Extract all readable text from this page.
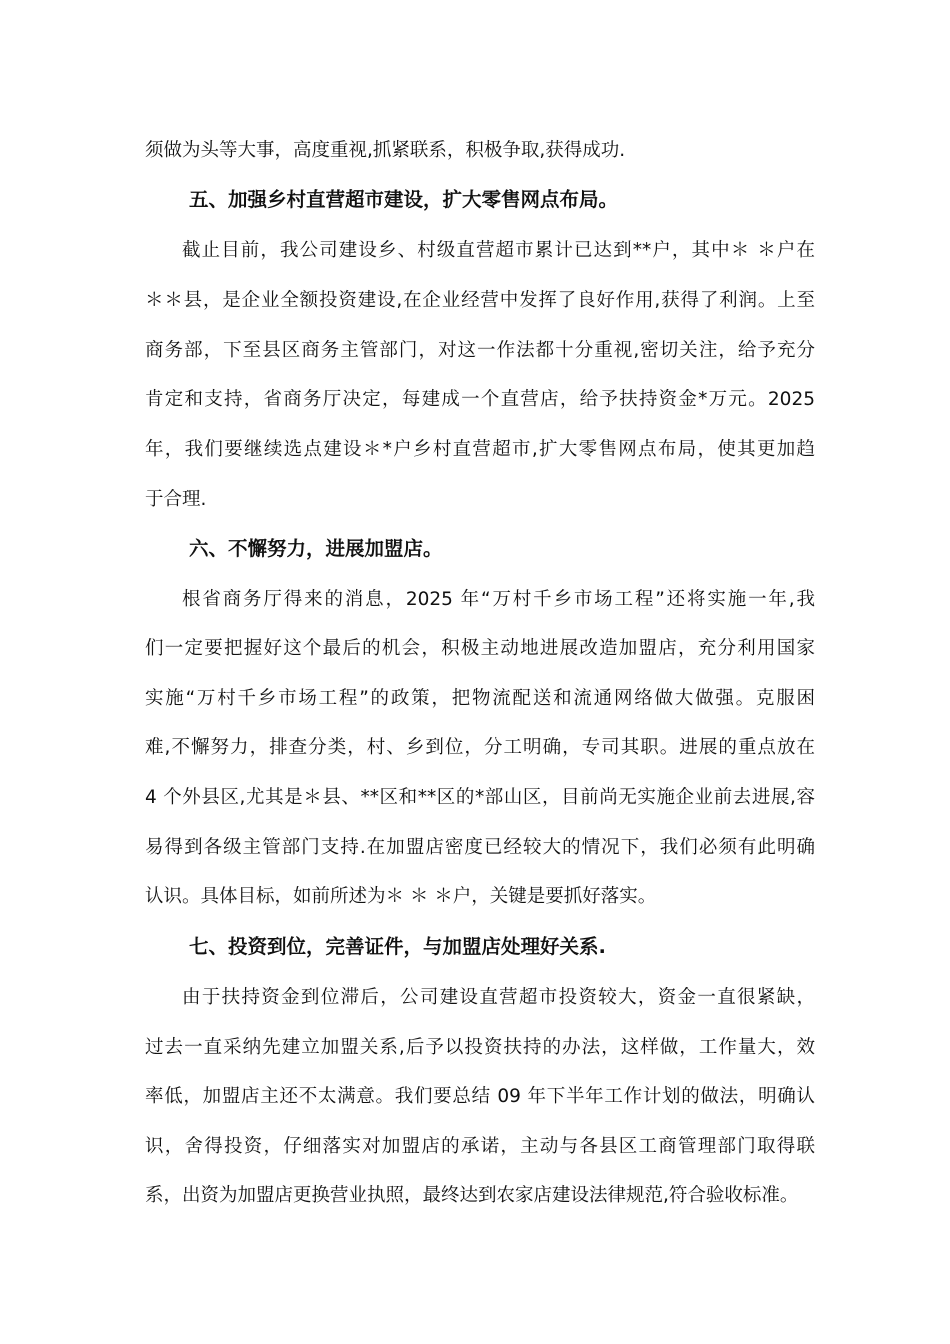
须做为头等大事，高度重视,抓紧联系，积极争取,获得成功.
五、加强乡村直营超市建设，扩大零售网点布局。
截止目前，我公司建设乡、村级直营超市累计已达到**户，其中＊ ＊户在
＊＊县，是企业全额投资建设,在企业经营中发挥了良好作用,获得了利润。上至
商务部，下至县区商务主管部门，对这一作法都十分重视,密切关注，给予充分
肯定和支持，省商务厅决定，每建成一个直营店，给予扶持资金*万元。2025
年，我们要继续选点建设＊*户乡村直营超市,扩大零售网点布局，使其更加趋
于合理.
六、不懈努力，进展加盟店。
根省商务厅得来的消息，2025 年“万村千乡市场工程”还将实施一年,我
们一定要把握好这个最后的机会，积极主动地进展改造加盟店，充分利用国家
实施“万村千乡市场工程”的政策，把物流配送和流通网络做大做强。克服困
难,不懈努力，排查分类，村、乡到位，分工明确，专司其职。进展的重点放在
4 个外县区,尤其是＊县、**区和**区的*部山区，目前尚无实施企业前去进展,容
易得到各级主管部门支持.在加盟店密度已经较大的情况下，我们必须有此明确
认识。具体目标，如前所述为＊ ＊ ＊户，关键是要抓好落实。
七、投资到位，完善证件，与加盟店处理好关系.
由于扶持资金到位滞后，公司建设直营超市投资较大，资金一直很紧缺，
过去一直采纳先建立加盟关系,后予以投资扶持的办法，这样做，工作量大，效
率低，加盟店主还不太满意。我们要总结 09 年下半年工作计划的做法，明确认
识，舍得投资，仔细落实对加盟店的承诺，主动与各县区工商管理部门取得联
系，出资为加盟店更换营业执照，最终达到农家店建设法律规范,符合验收标准。
